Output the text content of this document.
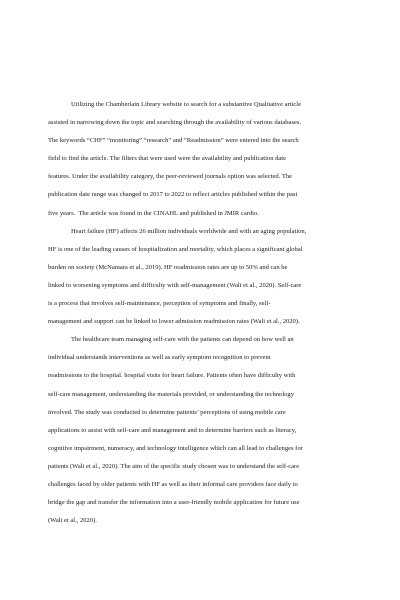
Utilizing the Chamberlain Library website to search for a substantive Qualitative article
assisted in narrowing down the topic and searching through the availability of various databases.
The keywords “CHF” “monitoring” “research” and “Readmission” were entered into the search
field to find the article. The filters that were used were the availability and publication date
features. Under the availability category, the peer-reviewed journals option was selected. The
publication date range was changed to 2017 to 2022 to reflect articles published within the past
five years.  The article was found in the CINAHL and published in JMIR cardio.

Heart failure (HF) affects 26 million individuals worldwide and with an aging population,
HF is one of the leading causes of hospitalization and mortality, which places a significant global
burden on society (McNamara et al., 2019). HF readmission rates are up to 50% and can be
linked to worsening symptoms and difficulty with self-management (Wali et al., 2020). Self-care
is a process that involves self-maintenance, perception of symptoms and finally, self-
management and support can be linked to lower admission readmission rates (Wali et al., 2020).

The healthcare team managing self-care with the patients can depend on how well an
individual understands interventions as well as early symptom recognition to prevent
readmissions to the hospital. hospital visits for heart failure. Patients often have difficulty with
self-care management, understanding the materials provided, or understanding the technology
involved. The study was conducted to determine patients’ perceptions of using mobile care
applications to assist with self-care and management and to determine barriers such as literacy,
cognitive impairment, numeracy, and technology intelligence which can all lead to challenges for
patients (Wali et al., 2020). The aim of the specific study chosen was to understand the self-care
challenges faced by older patients with HF as well as their informal care providers face daily to
bridge the gap and transfer the information into a user-friendly mobile application for future use
(Wali et al., 2020).
